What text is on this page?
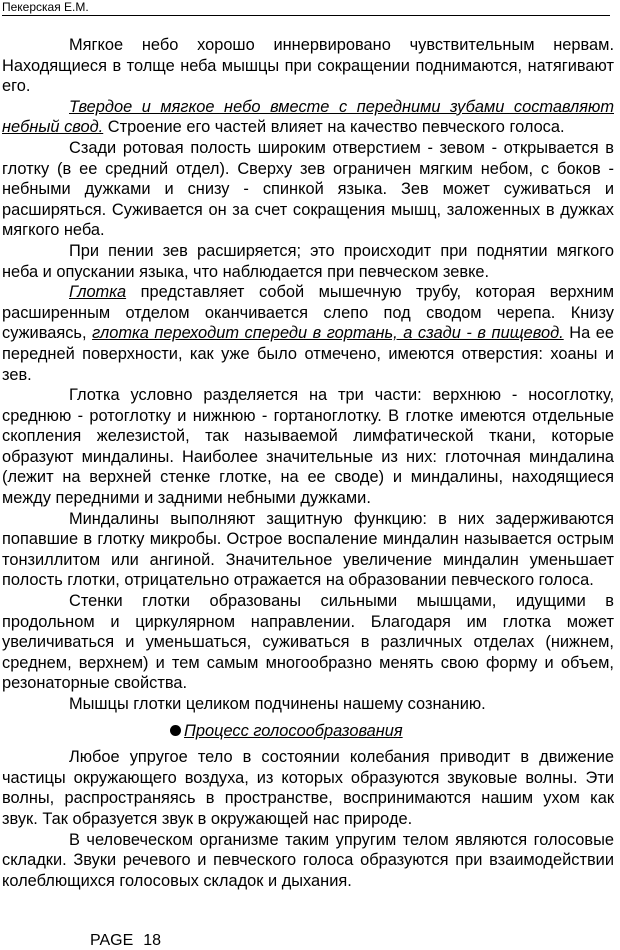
Пекерская Е.М.

Мягкое небо хорошо иннервировано чувствительным нервам. Находящиеся в толще неба мышцы при сокращении поднимаются, натягивают его.

Твердое и мягкое небо вместе с передними зубами составляют небный свод. Строение его частей влияет на качество певческого голоса.

Сзади ротовая полость широким отверстием - зевом - открывается в глотку (в ее средний отдел). Сверху зев ограничен мягким небом, с боков - небными дужками и снизу - спинкой языка. Зев может суживаться и расширяться. Суживается он за счет сокращения мышц, заложенных в дужках мягкого неба.

При пении зев расширяется; это происходит при поднятии мягкого неба и опускании языка, что наблюдается при певческом зевке.

Глотка представляет собой мышечную трубу, которая верхним расширенным отделом оканчивается слепо под сводом черепа. Книзу суживаясь, глотка переходит спереди в гортань, а сзади - в пищевод. На ее передней поверхности, как уже было отмечено, имеются отверстия: хоаны и зев.

Глотка условно разделяется на три части: верхнюю - носоглотку, среднюю - ротоглотку и нижнюю - гортаноглотку. В глотке имеются отдельные скопления железистой, так называемой лимфатической ткани, которые образуют миндалины. Наиболее значительные из них: глоточная миндалина (лежит на верхней стенке глотке, на ее своде) и миндалины, находящиеся между передними и задними небными дужками.

Миндалины выполняют защитную функцию: в них задерживаются попавшие в глотку микробы. Острое воспаление миндалин называется острым тонзиллитом или ангиной. Значительное увеличение миндалин уменьшает полость глотки, отрицательно отражается на образовании певческого голоса.

Стенки глотки образованы сильными мышцами, идущими в продольном и циркулярном направлении. Благодаря им глотка может увеличиваться и уменьшаться, суживаться в различных отделах (нижнем, среднем, верхнем) и тем самым многообразно менять свою форму и объем, резонаторные свойства.

Мышцы глотки целиком подчинены нашему сознанию.

Процесс голосообразования

Любое упругое тело в состоянии колебания приводит в движение частицы окружающего воздуха, из которых образуются звуковые волны. Эти волны, распространяясь в пространстве, воспринимаются нашим ухом как звук. Так образуется звук в окружающей нас природе.

В человеческом организме таким упругим телом являются голосовые складки. Звуки речевого и певческого голоса образуются при взаимодействии колеблющихся голосовых складок и дыхания.

PAGE 18
